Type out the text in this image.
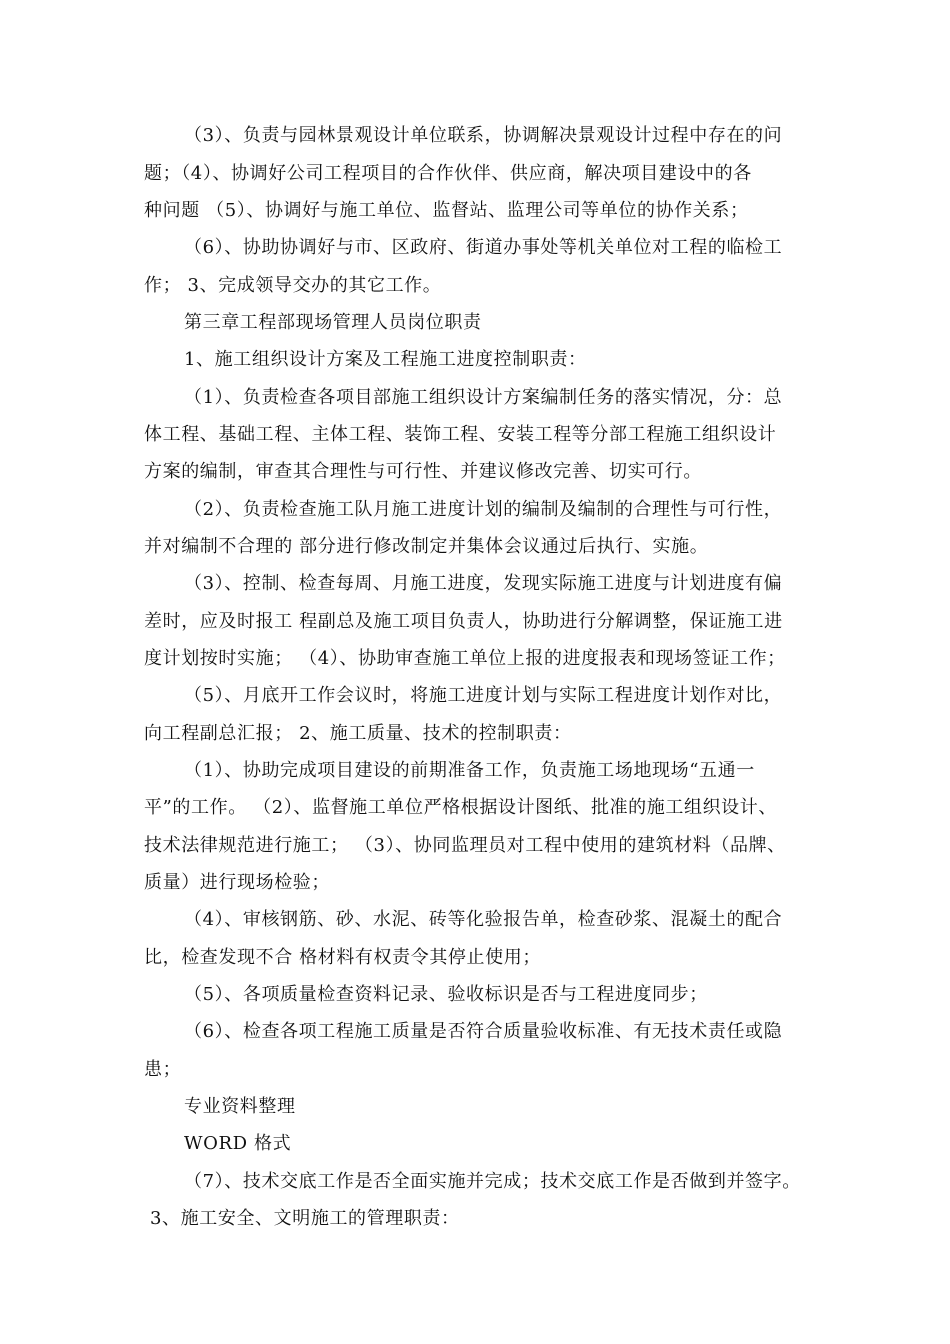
（3）、负责与园林景观设计单位联系，协调解决景观设计过程中存在的问
题；（4）、协调好公司工程项目的合作伙伴、供应商，解决项目建设中的各
种问题 （5）、协调好与施工单位、监督站、监理公司等单位的协作关系；
（6）、协助协调好与市、区政府、街道办事处等机关单位对工程的临检工
作； 3、完成领导交办的其它工作。
第三章工程部现场管理人员岗位职责
1、施工组织设计方案及工程施工进度控制职责：
（1）、负责检查各项目部施工组织设计方案编制任务的落实情况，分：总
体工程、基础工程、主体工程、装饰工程、安装工程等分部工程施工组织设计
方案的编制，审查其合理性与可行性、并建议修改完善、切实可行。
（2）、负责检查施工队月施工进度计划的编制及编制的合理性与可行性，
并对编制不合理的 部分进行修改制定并集体会议通过后执行、实施。
（3）、控制、检查每周、月施工进度，发现实际施工进度与计划进度有偏
差时，应及时报工 程副总及施工项目负责人，协助进行分解调整，保证施工进
度计划按时实施； （4）、协助审查施工单位上报的进度报表和现场签证工作；
（5）、月底开工作会议时，将施工进度计划与实际工程进度计划作对比，
向工程副总汇报； 2、施工质量、技术的控制职责：
（1）、协助完成项目建设的前期准备工作，负责施工场地现场“五通一
平”的工作。 （2）、监督施工单位严格根据设计图纸、批准的施工组织设计、
技术法律规范进行施工； （3）、协同监理员对工程中使用的建筑材料（品牌、
质量）进行现场检验；
（4）、审核钢筋、砂、水泥、砖等化验报告单，检查砂浆、混凝土的配合
比，检查发现不合 格材料有权责令其停止使用；
（5）、各项质量检查资料记录、验收标识是否与工程进度同步；
（6）、检查各项工程施工质量是否符合质量验收标准、有无技术责任或隐
患；
专业资料整理
WORD 格式
（7）、技术交底工作是否全面实施并完成；技术交底工作是否做到并签字。
3、施工安全、文明施工的管理职责：
